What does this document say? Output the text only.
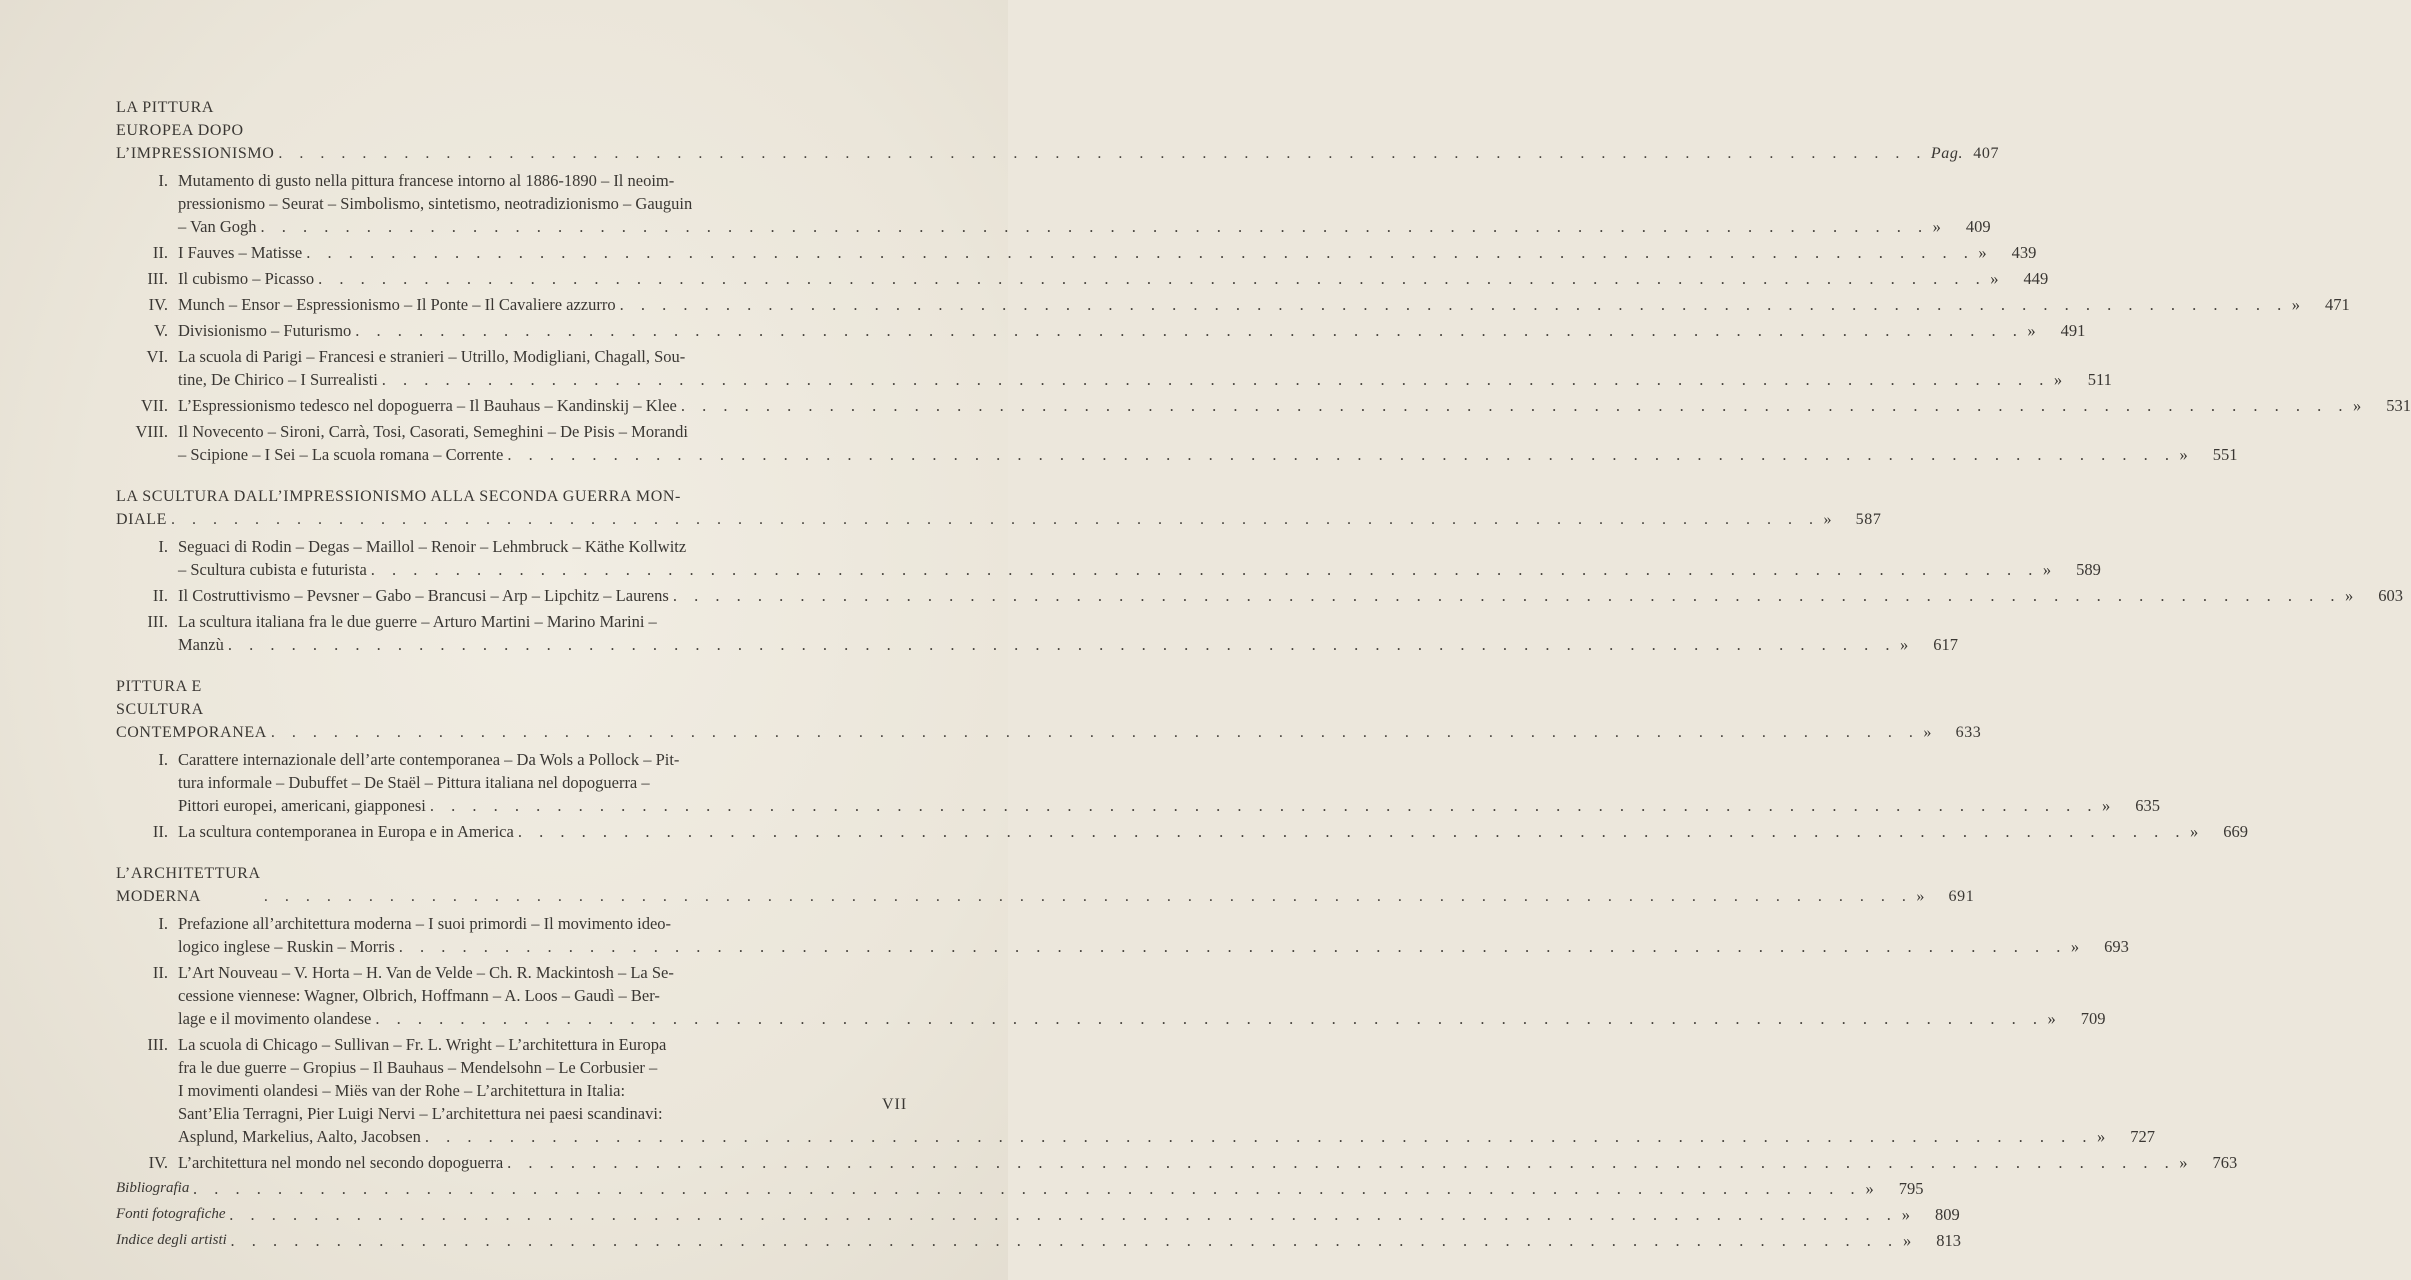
LA PITTURA EUROPEA DOPO L’IMPRESSIONISMO . . .	Pag. 407
I. Mutamento di gusto nella pittura francese intorno al 1886-1890 – Il neoim-
pressionismo – Seurat – Simbolismo, sintetismo, neotradizionismo – Gauguin
– Van Gogh . . .	»	409
II. I Fauves – Matisse . . .	»	439
III. Il cubismo – Picasso . . .	»	449
IV. Munch – Ensor – Espressionismo – Il Ponte – Il Cavaliere azzurro . . .	»	471
V. Divisionismo – Futurismo . . .	»	491
VI. La scuola di Parigi – Francesi e stranieri – Utrillo, Modigliani, Chagall, Sou-
tine, De Chirico – I Surrealisti . . .	»	511
VII. L’Espressionismo tedesco nel dopoguerra – Il Bauhaus – Kandinskij – Klee . . .	»	531
VIII. Il Novecento – Sironi, Carrà, Tosi, Casorati, Semeghini – De Pisis – Morandi
– Scipione – I Sei – La scuola romana – Corrente . . .	»	551
LA SCULTURA DALL’IMPRESSIONISMO ALLA SECONDA GUERRA MON-
DIALE . . .	»	587
I. Seguaci di Rodin – Degas – Maillol – Renoir – Lehmbruck – Käthe Kollwitz
– Scultura cubista e futurista . . .	»	589
II. Il Costruttivismo – Pevsner – Gabo – Brancusi – Arp – Lipchitz – Laurens . . .	»	603
III. La scultura italiana fra le due guerre – Arturo Martini – Marino Marini –
Manzù . . .	»	617
PITTURA E SCULTURA CONTEMPORANEA . . .	»	633
I. Carattere internazionale dell’arte contemporanea – Da Wols a Pollock – Pit-
tura informale – Dubuffet – De Staël – Pittura italiana nel dopoguerra –
Pittori europei, americani, giapponesi . . .	»	635
II. La scultura contemporanea in Europa e in America . . .	»	669
L’ARCHITETTURA MODERNA . . .	»	691
I. Prefazione all’architettura moderna – I suoi primordi – Il movimento ideo-
logico inglese – Ruskin – Morris . . .	»	693
II. L’Art Nouveau – V. Horta – H. Van de Velde – Ch. R. Mackintosh – La Se-
cessione viennese: Wagner, Olbrich, Hoffmann – A. Loos – Gaudì – Ber-
lage e il movimento olandese . . .	»	709
III. La scuola di Chicago – Sullivan – Fr. L. Wright – L’architettura in Europa
fra le due guerre – Gropius – Il Bauhaus – Mendelsohn – Le Corbusier –
I movimenti olandesi – Miës van der Rohe – L’architettura in Italia:
Sant’Elia Terragni, Pier Luigi Nervi – L’architettura nei paesi scandinavi:
Asplund, Markelius, Aalto, Jacobsen . . .	»	727
IV. L’architettura nel mondo nel secondo dopoguerra . . .	»	763
Bibliografia . . .	»	795
Fonti fotografiche . . .	»	809
Indice degli artisti . . .	»	813
VII
